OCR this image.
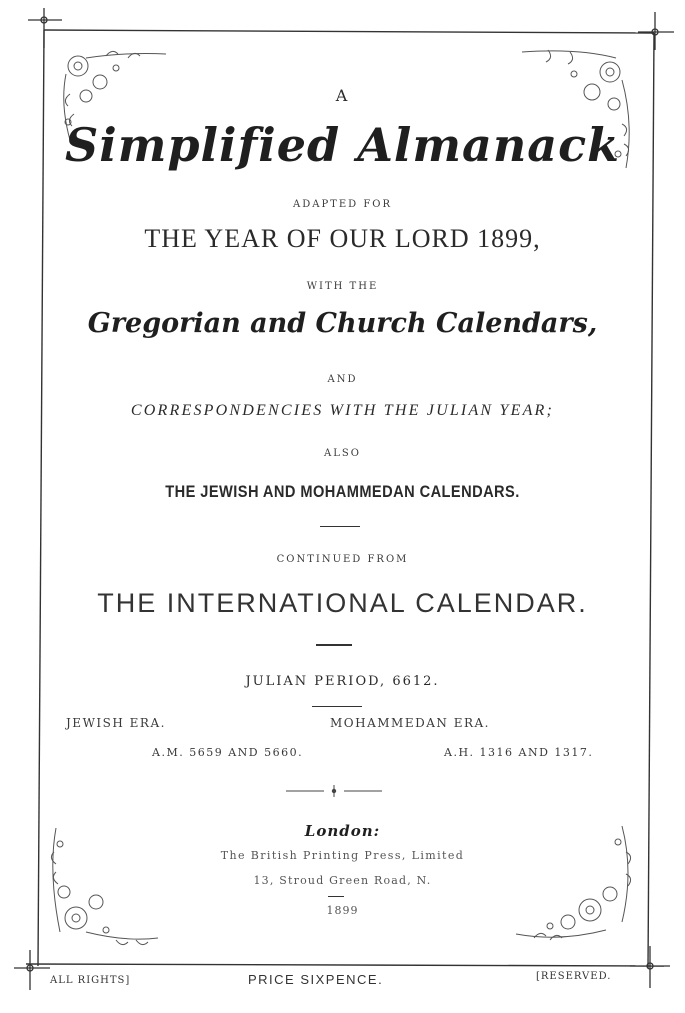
A
Simplified Almanack
ADAPTED FOR
THE YEAR OF OUR LORD 1899,
WITH THE
Gregorian and Church Calendars,
AND
CORRESPONDENCIES WITH THE JULIAN YEAR;
ALSO
THE JEWISH AND MOHAMMEDAN CALENDARS.
CONTINUED FROM
THE INTERNATIONAL CALENDAR.
JULIAN PERIOD, 6612.
JEWISH ERA.	MOHAMMEDAN ERA.
A.M. 5659 AND 5660.	A.H. 1316 AND 1317.
London:
The British Printing Press, Limited
13, Stroud Green Road, N.
1899
ALL RIGHTS]	PRICE SIXPENCE.	[RESERVED.
